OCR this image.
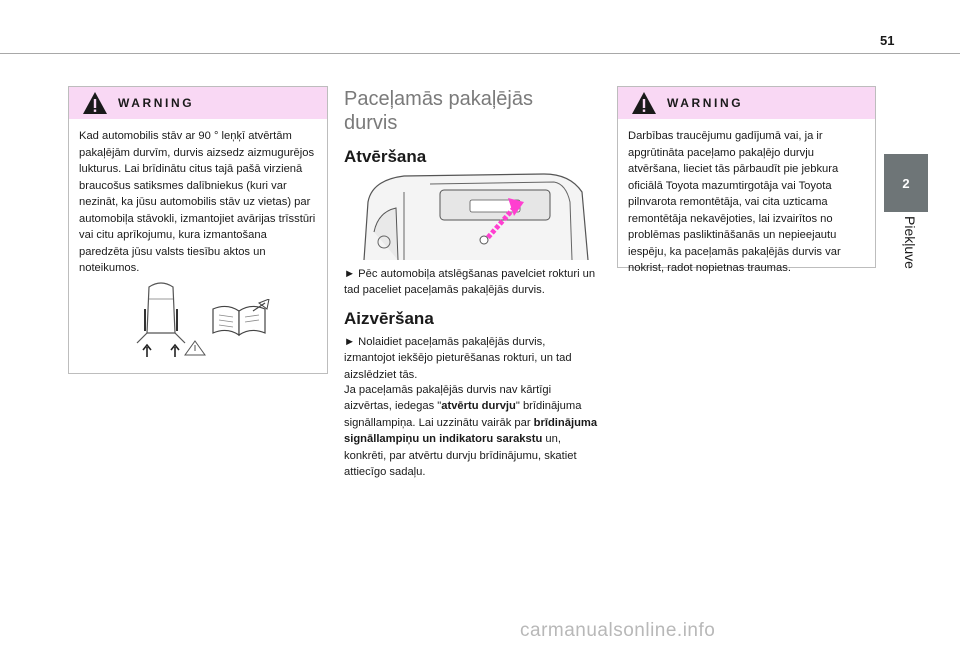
51
2
Piekļuve
WARNING
Kad automobilis stāv ar 90 ° leņķī atvērtām pakaļējām durvīm, durvis aizsedz aizmugurējos lukturus. Lai brīdinātu citus tajā pašā virzienā braucošus satiksmes dalībniekus (kuri var nezināt, ka jūsu automobilis stāv uz vietas) par automobiļa stāvokli, izmantojiet avārijas trīsstūri vai citu aprīkojumu, kura izmantošana paredzēta jūsu valsts tiesību aktos un noteikumos.
Paceļamās pakaļējās durvis
Atvēršana
► Pēc automobiļa atslēgšanas pavelciet rokturi un tad paceliet paceļamās pakaļējās durvis.
Aizvēršana
► Nolaidiet paceļamās pakaļējās durvis, izmantojot iekšējo pieturēšanas rokturi, un tad aizslēdziet tās.
Ja paceļamās pakaļējās durvis nav kārtīgi aizvērtas, iedegas "atvērtu durvju" brīdinājuma signāllampiņa. Lai uzzinātu vairāk par brīdinājuma signāllampiņu un indikatoru sarakstu un, konkrēti, par atvērtu durvju brīdinājumu, skatiet attiecīgo sadaļu.
WARNING
Darbības traucējumu gadījumā vai, ja ir apgrūtināta paceļamo pakaļējo durvju atvēršana, lieciet tās pārbaudīt pie jebkura oficiālā Toyota mazumtirgotāja vai Toyota pilnvarota remontētāja, vai cita uzticama remontētāja nekavējoties, lai izvairītos no problēmas pasliktināšanās un nepieejautu iespēju, ka paceļamās pakaļējās durvis var nokrist, radot nopietnas traumas.
carmanualsonline.info
